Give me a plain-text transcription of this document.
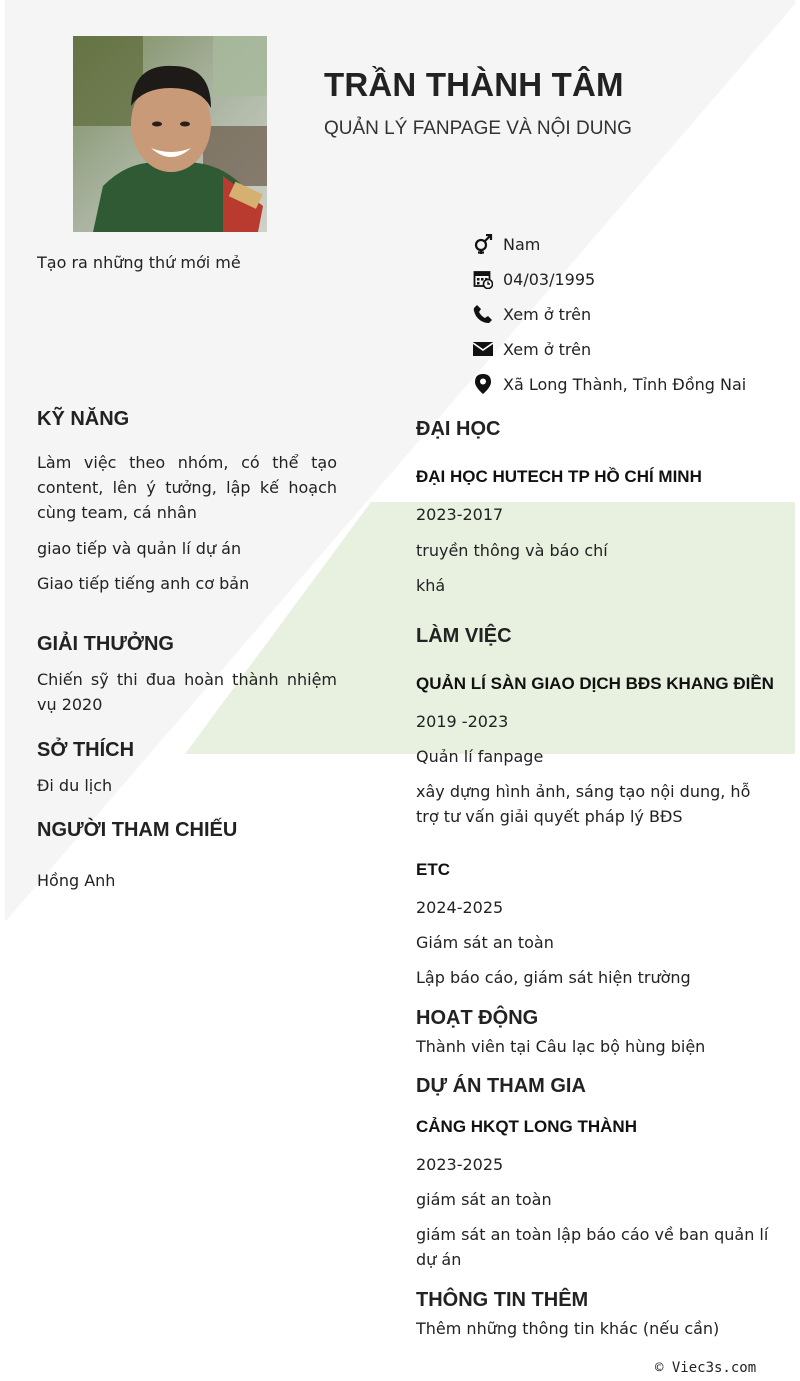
TRẦN THÀNH TÂM
QUẢN LÝ FANPAGE VÀ NỘI DUNG
Tạo ra những thứ mới mẻ
Nam
04/03/1995
Xem ở trên
Xem ở trên
Xã Long Thành, Tỉnh Đồng Nai
KỸ NĂNG
Làm việc theo nhóm, có thể tạo content, lên ý tưởng, lập kế hoạch cùng team, cá nhân
giao tiếp và quản lí dự án
Giao tiếp tiếng anh cơ bản
GIẢI THƯỞNG
Chiến sỹ thi đua hoàn thành nhiệm vụ 2020
SỞ THÍCH
Đi du lịch
NGƯỜI THAM CHIẾU
Hồng Anh
ĐẠI HỌC
ĐẠI HỌC HUTECH TP HỒ CHÍ MINH
2023-2017
truyền thông và báo chí
khá
LÀM VIỆC
QUẢN LÍ SÀN GIAO DỊCH BĐS KHANG ĐIỀN
2019 -2023
Quản lí fanpage
xây dựng hình ảnh, sáng tạo nội dung, hỗ trợ tư vấn giải quyết pháp lý BĐS
ETC
2024-2025
Giám sát an toàn
Lập báo cáo, giám sát hiện trường
HOẠT ĐỘNG
Thành viên tại Câu lạc bộ hùng biện
DỰ ÁN THAM GIA
CẢNG HKQT LONG THÀNH
2023-2025
giám sát an toàn
giám sát an toàn lập báo cáo về ban quản lí dự án
THÔNG TIN THÊM
Thêm những thông tin khác (nếu cần)
© Viec3s.com
